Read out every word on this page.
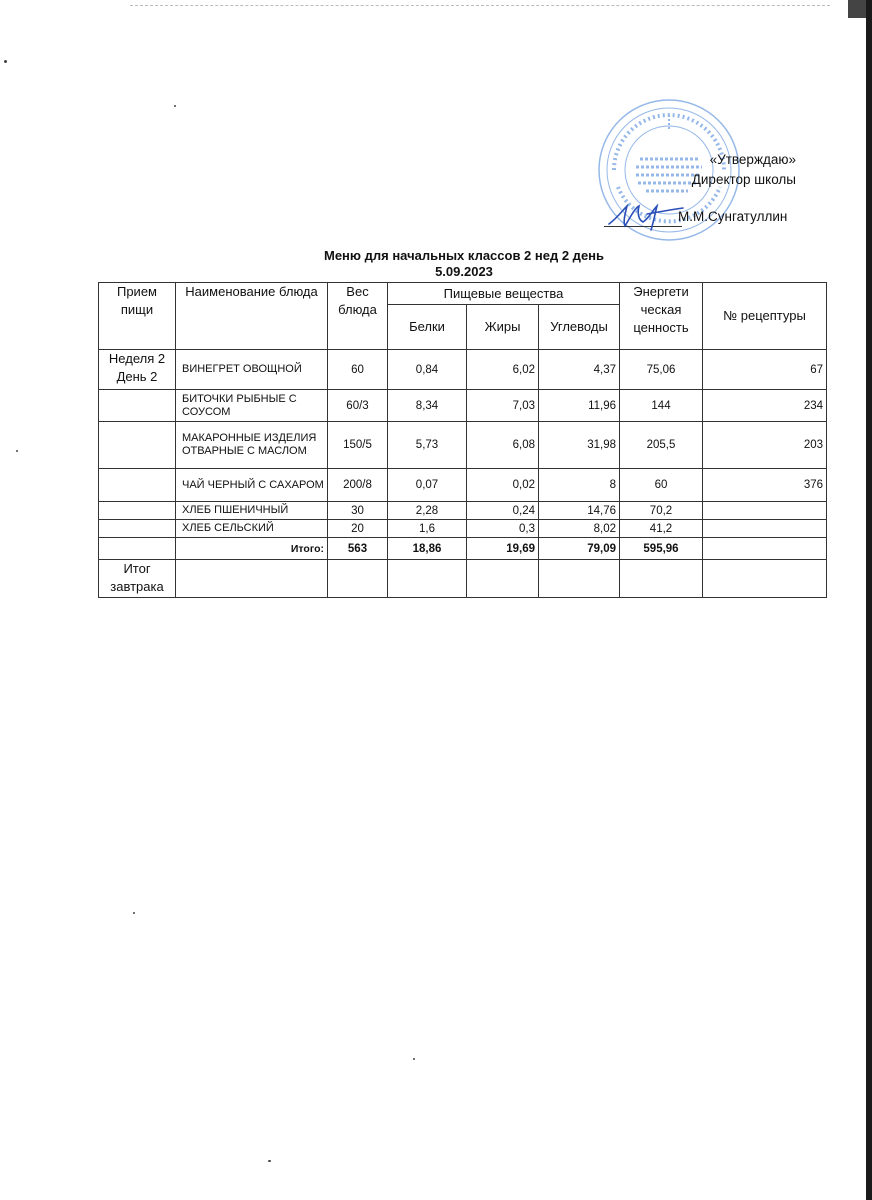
«Утверждаю»
Директор школы
М.М.Сунгатуллин
Меню для начальных классов 2 нед 2 день
5.09.2023
Прием пищи	Наименование блюда	Вес блюда	Пищевые вещества			Энергети ческая ценность	№ рецептуры
			Белки	Жиры	Углеводы		
Неделя 2 День 2	ВИНЕГРЕТ ОВОЩНОЙ	60	0,84	6,02	4,37	75,06	67
	БИТОЧКИ РЫБНЫЕ С СОУСОМ	60/3	8,34	7,03	11,96	144	234
	МАКАРОННЫЕ ИЗДЕЛИЯ ОТВАРНЫЕ С МАСЛОМ	150/5	5,73	6,08	31,98	205,5	203
	ЧАЙ ЧЕРНЫЙ С САХАРОМ	200/8	0,07	0,02	8	60	376
	ХЛЕБ ПШЕНИЧНЫЙ	30	2,28	0,24	14,76	70,2	
	ХЛЕБ СЕЛЬСКИЙ	20	1,6	0,3	8,02	41,2	
	Итого:	563	18,86	19,69	79,09	595,96	
Итог завтрака							
